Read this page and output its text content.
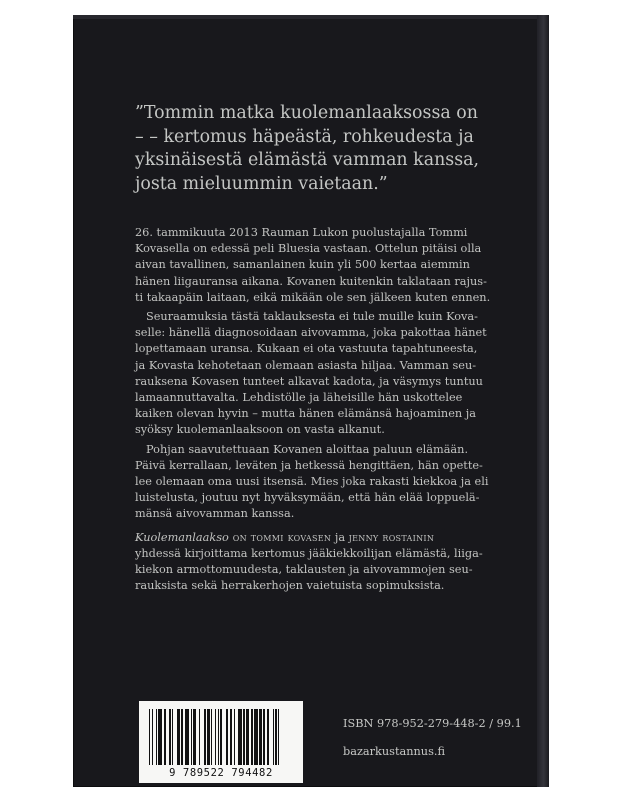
”Tommin matka kuolemanlaaksossa on
– – kertomus häpeästä, rohkeudesta ja
yksinäisestä elämästä vamman kanssa,
josta mieluummin vaietaan.”
26. tammikuuta 2013 Rauman Lukon puolustajalla Tommi
Kovasella on edessä peli Bluesia vastaan. Ottelun pitäisi olla
aivan tavallinen, samanlainen kuin yli 500 kertaa aiemmin
hänen liigauransa aikana. Kovanen kuitenkin taklataan rajus-
ti takaapäin laitaan, eikä mikään ole sen jälkeen kuten ennen.
Seuraamuksia tästä taklauksesta ei tule muille kuin Kova-
selle: hänellä diagnosoidaan aivovamma, joka pakottaa hänet
lopettamaan uransa. Kukaan ei ota vastuuta tapahtuneesta,
ja Kovasta kehotetaan olemaan asiasta hiljaa. Vamman seu-
rauksena Kovasen tunteet alkavat kadota, ja väsymys tuntuu
lamaannuttavalta. Lehdistölle ja läheisille hän uskottelee
kaiken olevan hyvin – mutta hänen elämänsä hajoaminen ja
syöksy kuolemanlaaksoon on vasta alkanut.
Pohjan saavutettuaan Kovanen aloittaa paluun elämään.
Päivä kerrallaan, leväten ja hetkessä hengittäen, hän opette-
lee olemaan oma uusi itsensä. Mies joka rakasti kiekkoa ja eli
luistelusta, joutuu nyt hyväksymään, että hän elää loppuelä-
mänsä aivovamman kanssa.
Kuolemanlaakso on tommi kovasen ja jenny rostainin
yhdessä kirjoittama kertomus jääkiekkoilijan elämästä, liiga-
kiekon armottomuudesta, taklausten ja aivovammojen seu-
rauksista sekä herrakerhojen vaietuista sopimuksista.
9 789522 794482
ISBN 978-952-279-448-2 / 99.1
bazarkustannus.fi
